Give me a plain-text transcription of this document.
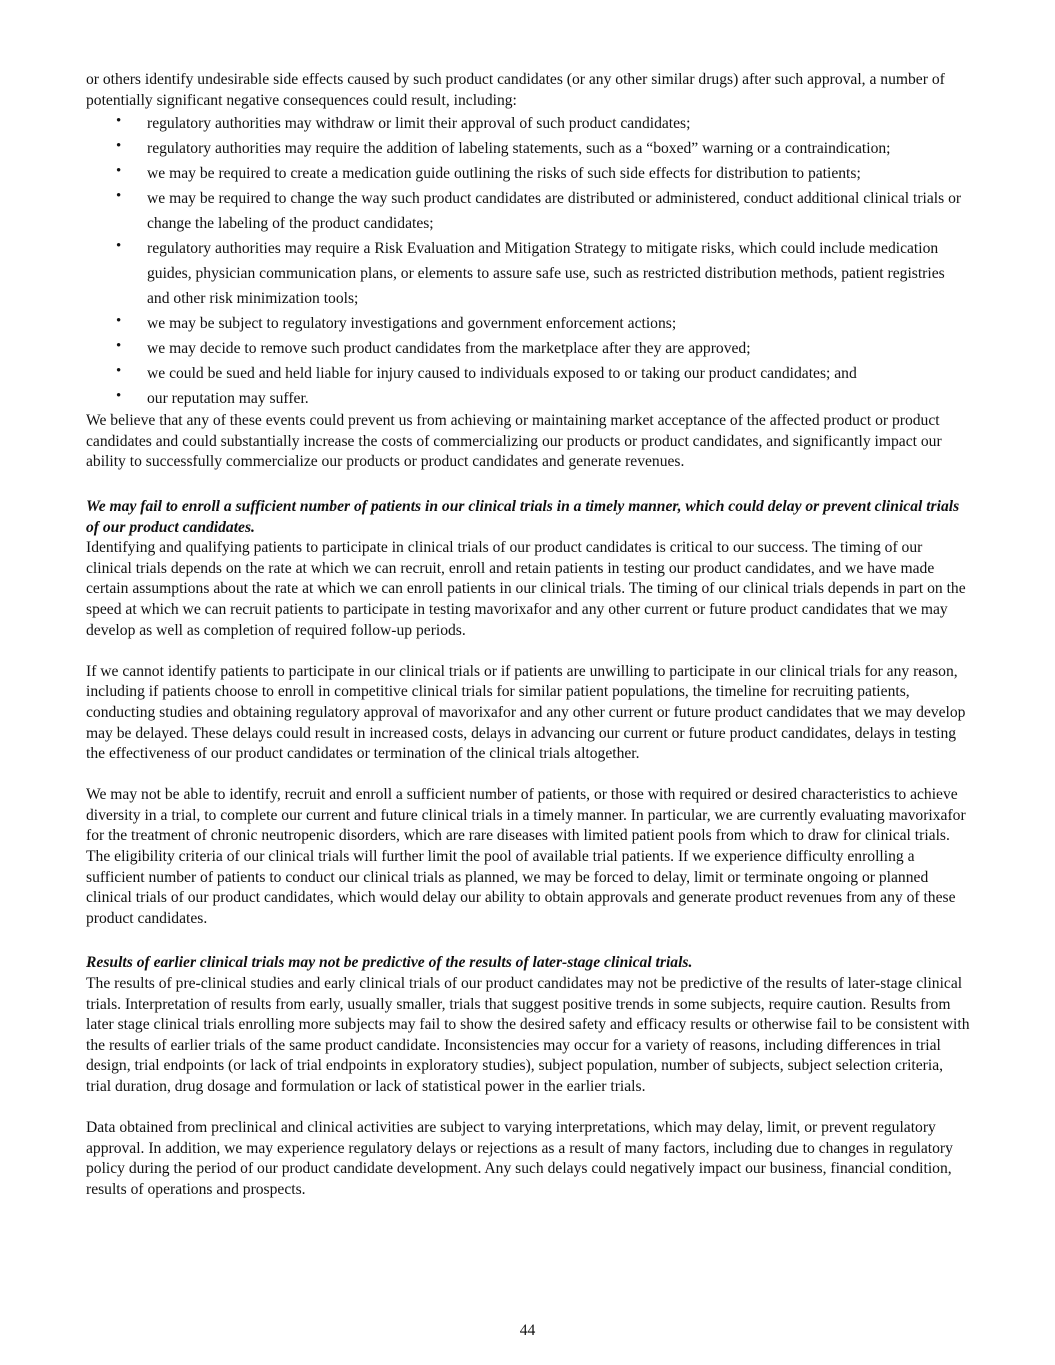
or others identify undesirable side effects caused by such product candidates (or any other similar drugs) after such approval, a number of potentially significant negative consequences could result, including:

• regulatory authorities may withdraw or limit their approval of such product candidates;
• regulatory authorities may require the addition of labeling statements, such as a “boxed” warning or a contraindication;
• we may be required to create a medication guide outlining the risks of such side effects for distribution to patients;
• we may be required to change the way such product candidates are distributed or administered, conduct additional clinical trials or change the labeling of the product candidates;
• regulatory authorities may require a Risk Evaluation and Mitigation Strategy to mitigate risks, which could include medication guides, physician communication plans, or elements to assure safe use, such as restricted distribution methods, patient registries and other risk minimization tools;
• we may be subject to regulatory investigations and government enforcement actions;
• we may decide to remove such product candidates from the marketplace after they are approved;
• we could be sued and held liable for injury caused to individuals exposed to or taking our product candidates; and
• our reputation may suffer.

We believe that any of these events could prevent us from achieving or maintaining market acceptance of the affected product or product candidates and could substantially increase the costs of commercializing our products or product candidates, and significantly impact our ability to successfully commercialize our products or product candidates and generate revenues.

We may fail to enroll a sufficient number of patients in our clinical trials in a timely manner, which could delay or prevent clinical trials of our product candidates.

Identifying and qualifying patients to participate in clinical trials of our product candidates is critical to our success. The timing of our clinical trials depends on the rate at which we can recruit, enroll and retain patients in testing our product candidates, and we have made certain assumptions about the rate at which we can enroll patients in our clinical trials. The timing of our clinical trials depends in part on the speed at which we can recruit patients to participate in testing mavorixafor and any other current or future product candidates that we may develop as well as completion of required follow-up periods.

If we cannot identify patients to participate in our clinical trials or if patients are unwilling to participate in our clinical trials for any reason, including if patients choose to enroll in competitive clinical trials for similar patient populations, the timeline for recruiting patients, conducting studies and obtaining regulatory approval of mavorixafor and any other current or future product candidates that we may develop may be delayed. These delays could result in increased costs, delays in advancing our current or future product candidates, delays in testing the effectiveness of our product candidates or termination of the clinical trials altogether.

We may not be able to identify, recruit and enroll a sufficient number of patients, or those with required or desired characteristics to achieve diversity in a trial, to complete our current and future clinical trials in a timely manner. In particular, we are currently evaluating mavorixafor for the treatment of chronic neutropenic disorders, which are rare diseases with limited patient pools from which to draw for clinical trials. The eligibility criteria of our clinical trials will further limit the pool of available trial patients. If we experience difficulty enrolling a sufficient number of patients to conduct our clinical trials as planned, we may be forced to delay, limit or terminate ongoing or planned clinical trials of our product candidates, which would delay our ability to obtain approvals and generate product revenues from any of these product candidates.

Results of earlier clinical trials may not be predictive of the results of later-stage clinical trials.

The results of pre-clinical studies and early clinical trials of our product candidates may not be predictive of the results of later-stage clinical trials. Interpretation of results from early, usually smaller, trials that suggest positive trends in some subjects, require caution. Results from later stage clinical trials enrolling more subjects may fail to show the desired safety and efficacy results or otherwise fail to be consistent with the results of earlier trials of the same product candidate. Inconsistencies may occur for a variety of reasons, including differences in trial design, trial endpoints (or lack of trial endpoints in exploratory studies), subject population, number of subjects, subject selection criteria, trial duration, drug dosage and formulation or lack of statistical power in the earlier trials.

Data obtained from preclinical and clinical activities are subject to varying interpretations, which may delay, limit, or prevent regulatory approval. In addition, we may experience regulatory delays or rejections as a result of many factors, including due to changes in regulatory policy during the period of our product candidate development. Any such delays could negatively impact our business, financial condition, results of operations and prospects.

44
